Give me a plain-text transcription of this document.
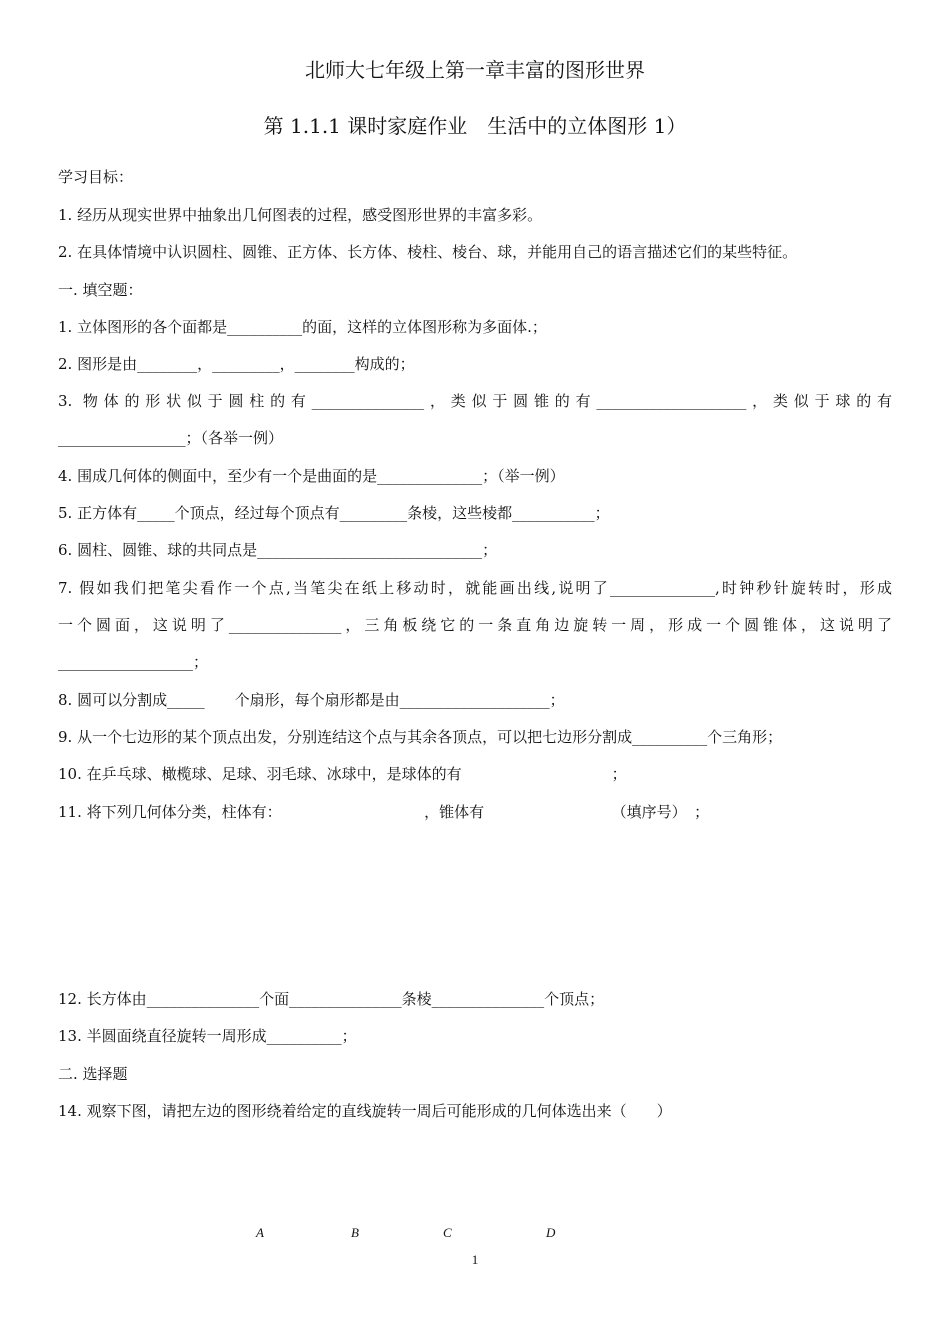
北师大七年级上第一章丰富的图形世界
第 1.1.1 课时家庭作业　生活中的立体图形 1）
学习目标：
1. 经历从现实世界中抽象出几何图表的过程，感受图形世界的丰富多彩。
2. 在具体情境中认识圆柱、圆锥、正方体、长方体、棱柱、棱台、球，并能用自己的语言描述它们的某些特征。
一. 填空题：
1. 立体图形的各个面都是__________的面，这样的立体图形称为多面体.；
2. 图形是由________，_________，________构成的；
3. 物体的形状似于圆柱的有_______________，类似于圆锥的有____________________，类似于球的有
_________________；（各举一例）
4. 围成几何体的侧面中，至少有一个是曲面的是______________；（举一例）
5. 正方体有_____个顶点，经过每个顶点有_________条棱，这些棱都___________；
6. 圆柱、圆锥、球的共同点是______________________________；
7. 假如我们把笔尖看作一个点,当笔尖在纸上移动时，就能画出线,说明了______________,时钟秒针旋转时，形成
一个圆面，这说明了_______________，三角板绕它的一条直角边旋转一周，形成一个圆锥体，这说明了
__________________；
8. 圆可以分割成_____　　个扇形，每个扇形都是由____________________；
9. 从一个七边形的某个顶点出发，分别连结这个点与其余各顶点，可以把七边形分割成__________个三角形；
10. 在乒乓球、橄榄球、足球、羽毛球、冰球中，是球体的有　　　　　　　　　　；
11. 将下列几何体分类，柱体有：　　　　　　　　　　，锥体有　　　　　　　　　（填序号）　；
12. 长方体由_______________个面_______________条棱_______________个顶点；
13. 半圆面绕直径旋转一周形成__________；
二. 选择题
14. 观察下图，请把左边的图形绕着给定的直线旋转一周后可能形成的几何体选出来（　　）
A	B	C	D
1
